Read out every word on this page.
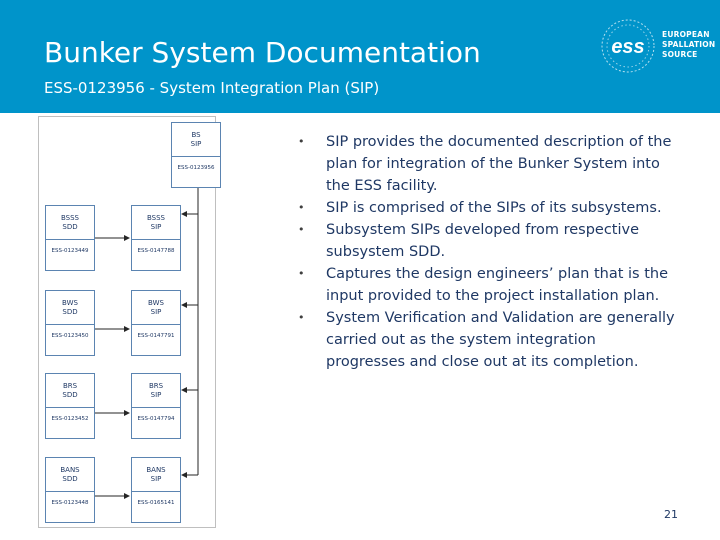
Bunker System Documentation
ESS-0123956 - System Integration Plan (SIP)
ess
EUROPEAN
SPALLATION
SOURCE
BS
SIP
ESS-0123956
BSSS
SDD
ESS-0123449
BSSS
SIP
ESS-0147788
BWS
SDD
ESS-0123450
BWS
SIP
ESS-0147791
BRS
SDD
ESS-0123452
BRS
SIP
ESS-0147794
BANS
SDD
ESS-0123448
BANS
SIP
ESS-0165141
• SIP provides the documented description of the
plan for integration of the Bunker System into
the ESS facility.
• SIP is comprised of the SIPs of its subsystems.
• Subsystem SIPs developed from respective
subsystem SDD.
• Captures the design engineers’ plan that is the
input provided to the project installation plan.
• System Verification and Validation are generally
carried out as the system integration
progresses and close out at its completion.
21
